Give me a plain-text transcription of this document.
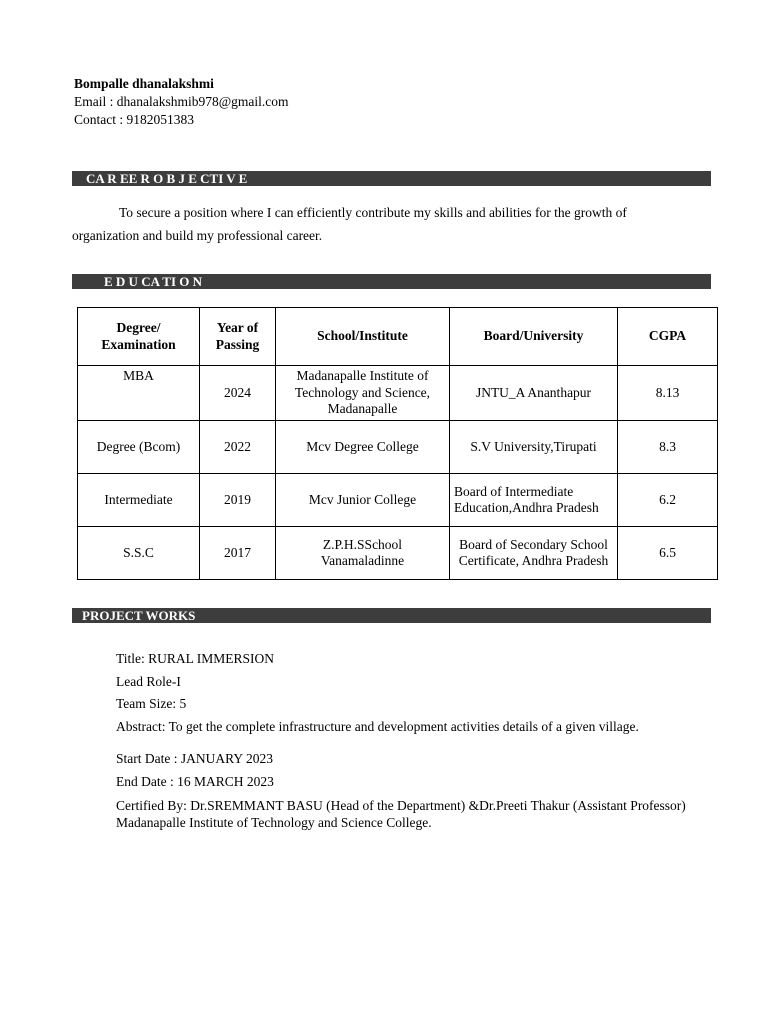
Bompalle dhanalakshmi
Email : dhanalakshmib978@gmail.com
Contact : 9182051383
CA R EE R O B J E CTI V E
To secure a position where I can efficiently contribute my skills and abilities for the growth of organization and build my professional career.
E D U CA TI O N
Degree/ Examination	Year of Passing	School/Institute	Board/University	CGPA
MBA	2024	Madanapalle Institute of Technology and Science, Madanapalle	JNTU_A Ananthapur	8.13
Degree (Bcom)	2022	Mcv Degree College	S.V University,Tirupati	8.3
Intermediate	2019	Mcv Junior College	Board of Intermediate Education,Andhra Pradesh	6.2
S.S.C	2017	Z.P.H.SSchool Vanamaladinne	Board of Secondary School Certificate, Andhra Pradesh	6.5
PROJECT WORKS
Title: RURAL IMMERSION
Lead Role-I
Team Size: 5
Abstract: To get the complete infrastructure and development activities details of a given village.
Start Date : JANUARY 2023
End Date : 16 MARCH 2023
Certified By: Dr.SREMMANT BASU (Head of the Department) &Dr.Preeti Thakur (Assistant Professor) Madanapalle Institute of Technology and Science College.
